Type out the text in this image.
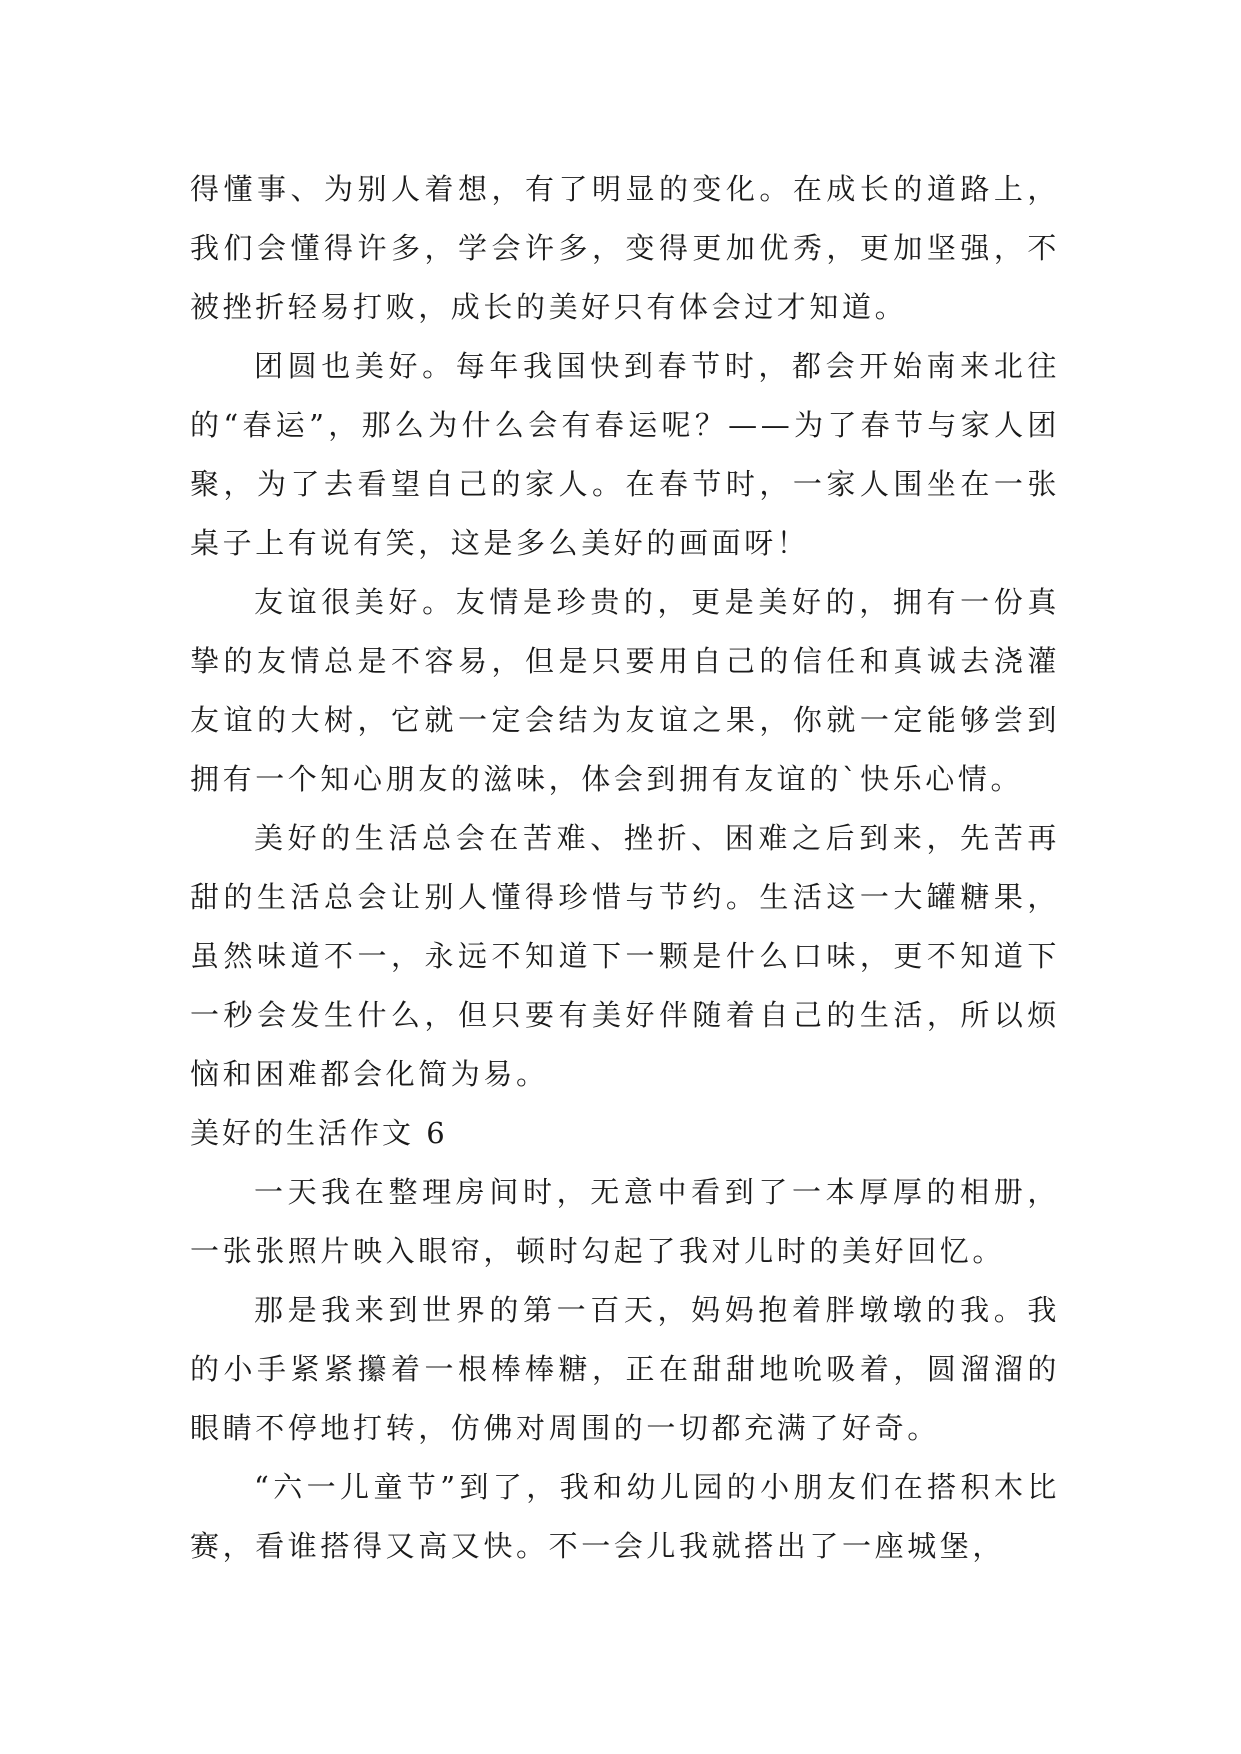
得懂事、为别人着想，有了明显的变化。在成长的道路上，我们会懂得许多，学会许多，变得更加优秀，更加坚强，不被挫折轻易打败，成长的美好只有体会过才知道。

团圆也美好。每年我国快到春节时，都会开始南来北往的“春运”，那么为什么会有春运呢？——为了春节与家人团聚，为了去看望自己的家人。在春节时，一家人围坐在一张桌子上有说有笑，这是多么美好的画面呀！

友谊很美好。友情是珍贵的，更是美好的，拥有一份真挚的友情总是不容易，但是只要用自己的信任和真诚去浇灌友谊的大树，它就一定会结为友谊之果，你就一定能够尝到拥有一个知心朋友的滋味，体会到拥有友谊的`快乐心情。

美好的生活总会在苦难、挫折、困难之后到来，先苦再甜的生活总会让别人懂得珍惜与节约。生活这一大罐糖果，虽然味道不一，永远不知道下一颗是什么口味，更不知道下一秒会发生什么，但只要有美好伴随着自己的生活，所以烦恼和困难都会化简为易。

美好的生活作文 6

一天我在整理房间时，无意中看到了一本厚厚的相册，一张张照片映入眼帘，顿时勾起了我对儿时的美好回忆。

那是我来到世界的第一百天，妈妈抱着胖墩墩的我。我的小手紧紧攥着一根棒棒糖，正在甜甜地吮吸着，圆溜溜的眼睛不停地打转，仿佛对周围的一切都充满了好奇。

“六一儿童节”到了，我和幼儿园的小朋友们在搭积木比赛，看谁搭得又高又快。不一会儿我就搭出了一座城堡，
